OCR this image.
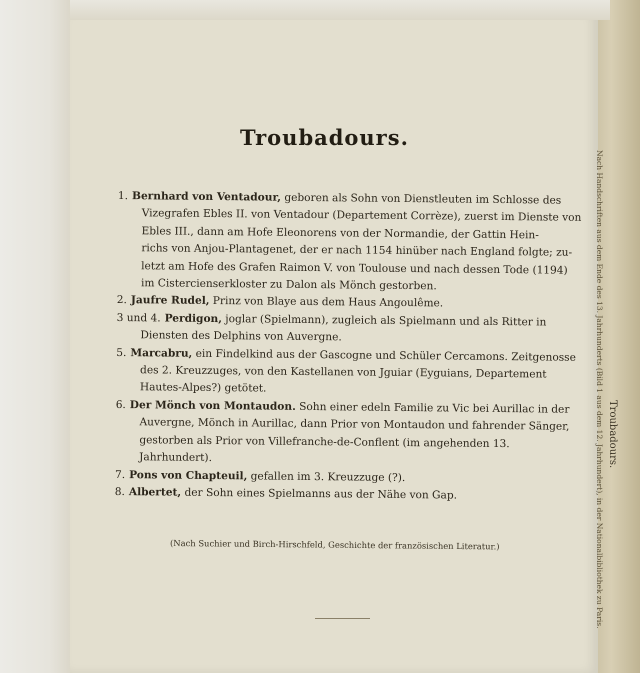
Troubadours.

1. Bernhard von Ventadour, geboren als Sohn von Dienstleuten im Schlosse des
Vizegrafen Ebles II. von Ventadour (Departement Corrèze), zuerst im Dienste von
Ebles III., dann am Hofe Eleonorens von der Normandie, der Gattin Hein-
richs von Anjou-Plantagenet, der er nach 1154 hinüber nach England folgte; zu-
letzt am Hofe des Grafen Raimon V. von Toulouse und nach dessen Tode (1194)
im Cistercienserkloster zu Dalon als Mönch gestorben.

2. Jaufre Rudel, Prinz von Blaye aus dem Haus Angoulême.

3 und 4. Perdigon, joglar (Spielmann), zugleich als Spielmann und als Ritter in
Diensten des Delphins von Auvergne.

5. Marcabru, ein Findelkind aus der Gascogne und Schüler Cercamons. Zeitgenosse
des 2. Kreuzzuges, von den Kastellanen von Jguiar (Eyguians, Departement
Hautes-Alpes?) getötet.

6. Der Mönch von Montaudon. Sohn einer edeln Familie zu Vic bei Aurillac in der
Auvergne, Mönch in Aurillac, dann Prior von Montaudon und fahrender Sänger,
gestorben als Prior von Villefranche-de-Conflent (im angehenden 13. Jahrhundert).

7. Pons von Chapteuil, gefallen im 3. Kreuzzuge (?).

8. Albertet, der Sohn eines Spielmanns aus der Nähe von Gap.

(Nach Suchier und Birch-Hirschfeld, Geschichte der französischen Literatur.)
Troubadours.
Nach Handschriften aus dem Ende des 13. Jahrhunderts (Bild 1 aus dem 12. Jahrhundert), in der Nationalbibliothek zu Paris.
